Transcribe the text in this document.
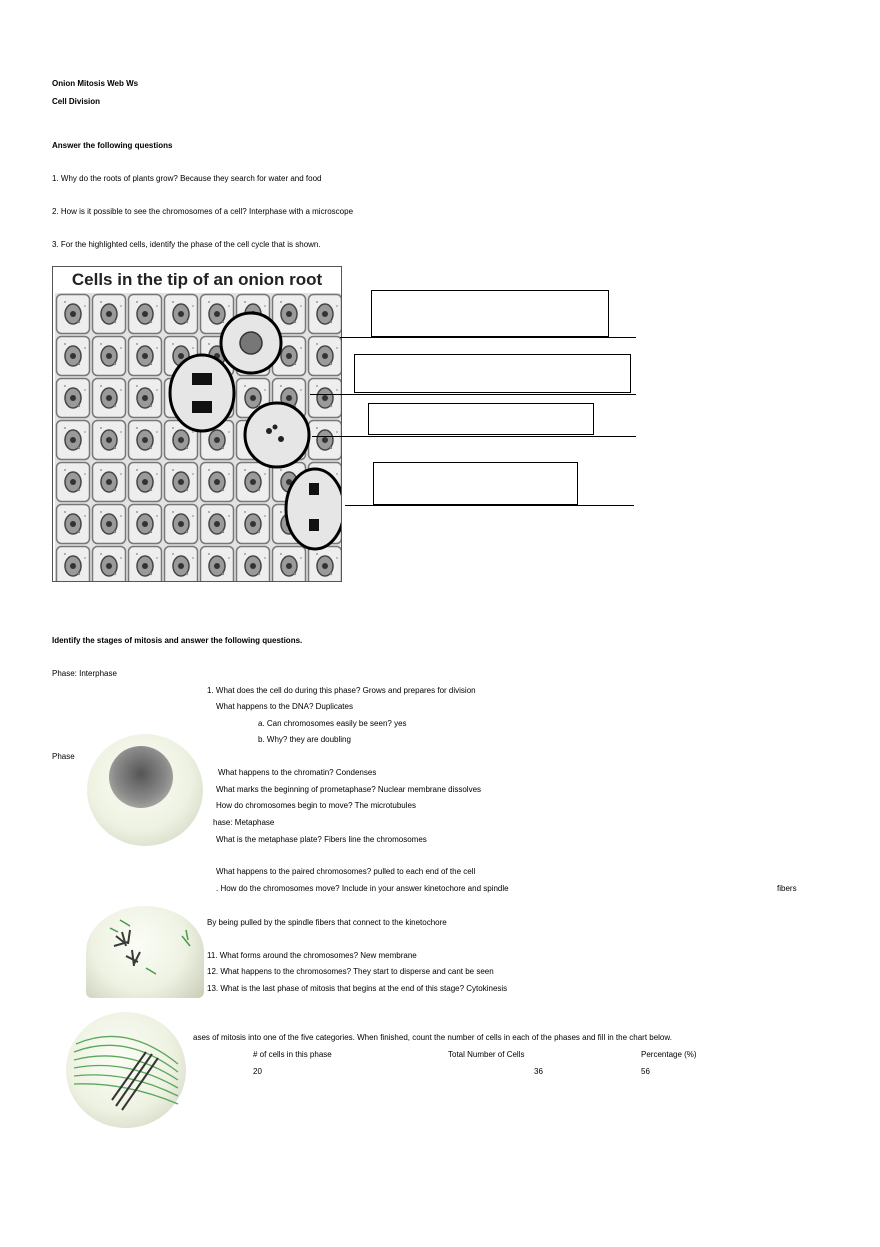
Onion Mitosis Web Ws
Cell Division
Answer the following questions
1. Why do the roots of plants grow? Because they search for water and food
2. How is it possible to see the chromosomes of a cell? Interphase with a microscope
3. For the highlighted cells, identify the phase of the cell cycle that is shown.
Cells in the tip of an onion root
Identify the stages of mitosis and answer the following questions.
Phase: Interphase
1. What does the cell do during this phase? Grows and prepares for division
What happens to the DNA? Duplicates
a. Can chromosomes easily be seen? yes
b. Why? they are doubling
Phase
What happens to the chromatin? Condenses
What marks the beginning of prometaphase? Nuclear membrane dissolves
How do chromosomes begin to move? The microtubules
hase: Metaphase
What is the metaphase plate? Fibers line the chromosomes
What happens to the paired chromosomes? pulled to each end of the cell
. How do the chromosomes move? Include in your answer kinetochore and spindle	fibers
By being pulled by the spindle fibers that connect to the kinetochore
11. What forms around the chromosomes? New membrane
12. What happens to the chromosomes? They start to disperse and cant be seen
13. What is the last phase of mitosis that begins at the end of this stage? Cytokinesis
ases of mitosis into one of the five categories. When finished, count the number of cells in each of the phases and fill in the chart below.
# of cells in this phase	Total Number of Cells	Percentage (%)
20	36	56
